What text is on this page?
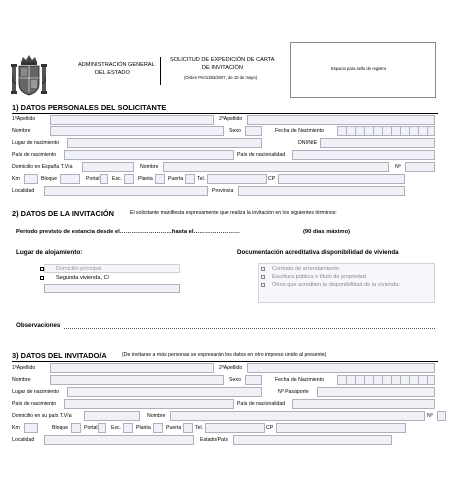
ADMINISTRACIÓN GENERAL
DEL ESTADO
SOLICITUD DE EXPEDICIÓN DE CARTA
DE INVITACIÓN
(Orden Pre/1283/2007, de 10 de mayo)
Espacio para sello de registro
1) DATOS PERSONALES DEL SOLICITANTE
1ºApellido	2ºApellido
Nombre	Sexo	Fecha de Nacimiento
Lugar de nacimiento	DNI/NIE
País de nacimiento	País de nacionalidad
Domicilio en España T.Vía	Nombre	Nº
Km	Bloque	Portal Esc.	Planta	Puerta	Tel.	CP
Localidad	Provincia
2) DATOS DE LA INVITACIÓN	El solicitante manifiesta expresamente que realiza la invitación en los siguientes términos:
Periodo previsto de estancia desde el………………………hasta el……………………	(90 días máximo)
Lugar de alojamiento:	Documentación acreditativa disponibilidad de vivienda
Segunda vivienda, C/
Observaciones
3) DATOS DEL INVITADO/A	(De invitarse a más personas se expresarán los datos en otro impreso unido al presente)
1ºApellido	2ºApellido
Nombre	Sexo	Fecha de Nacimiento
Lugar de nacimiento	Nº Pasaporte
País de nacimiento	País de nacionalidad
Domicilio en su país T.Vía	Nombre	Nº
Km	Bloque	Portal	Esc.	Planta	Puerta	Tel.	CP
Localidad	Estado/País
